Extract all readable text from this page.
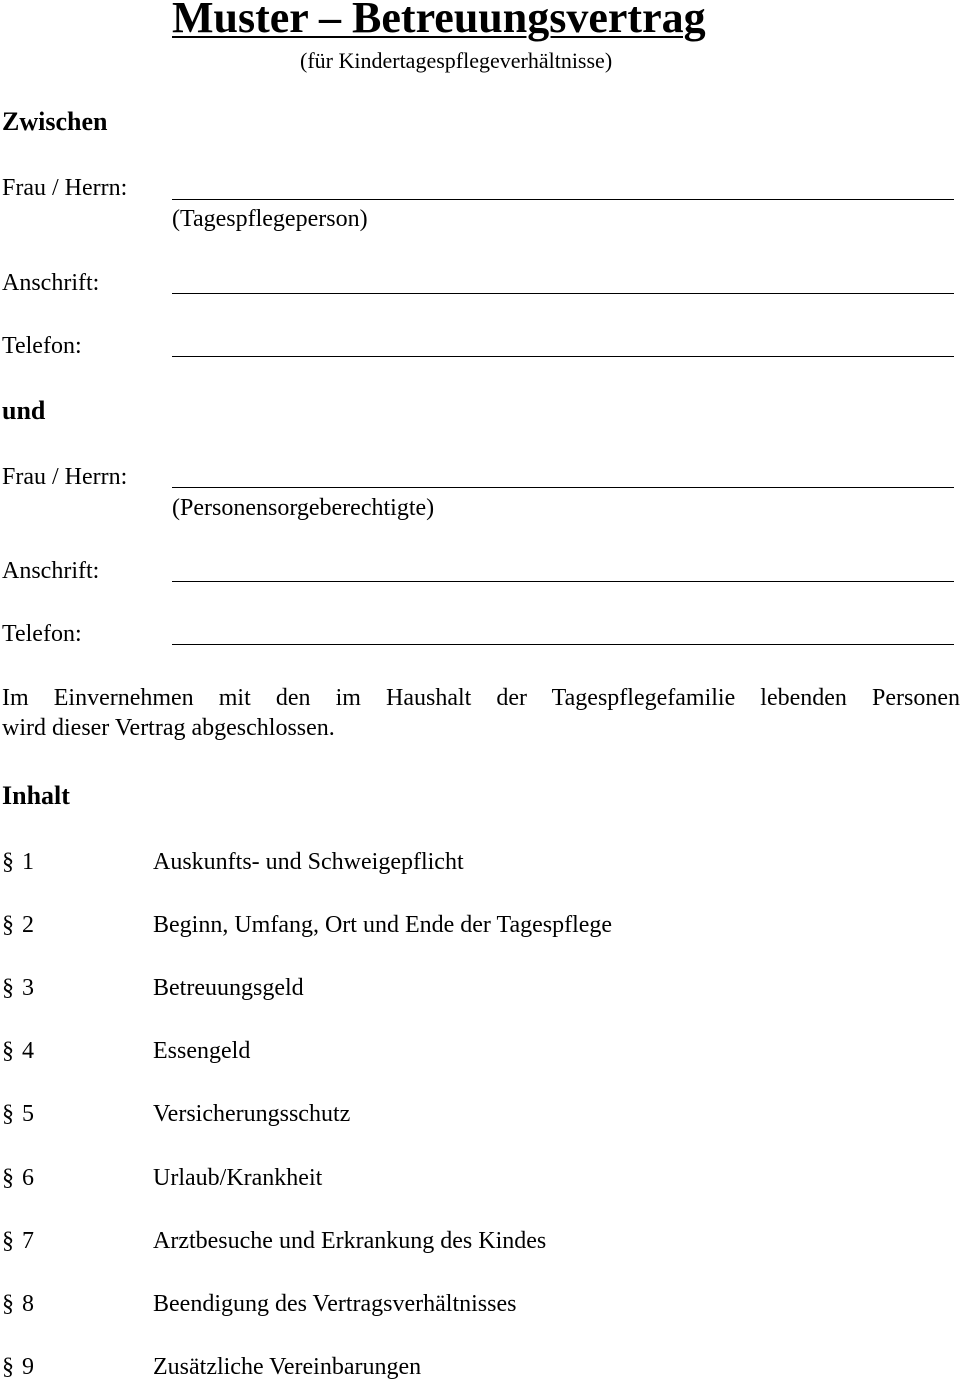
Muster – Betreuungsvertrag
(für Kindertagespflegeverhältnisse)
Zwischen
Frau / Herrn:
(Tagespflegeperson)
Anschrift:
Telefon:
und
Frau / Herrn:
(Personensorgeberechtigte)
Anschrift:
Telefon:
Im Einvernehmen mit den im Haushalt der Tagespflegefamilie lebenden Personen
wird dieser Vertrag abgeschlossen.
Inhalt
§ 1	Auskunfts- und Schweigepflicht
§ 2	Beginn, Umfang, Ort und Ende der Tagespflege
§ 3	Betreuungsgeld
§ 4	Essengeld
§ 5	Versicherungsschutz
§ 6	Urlaub/Krankheit
§ 7	Arztbesuche und Erkrankung des Kindes
§ 8	Beendigung des Vertragsverhältnisses
§ 9	Zusätzliche Vereinbarungen
